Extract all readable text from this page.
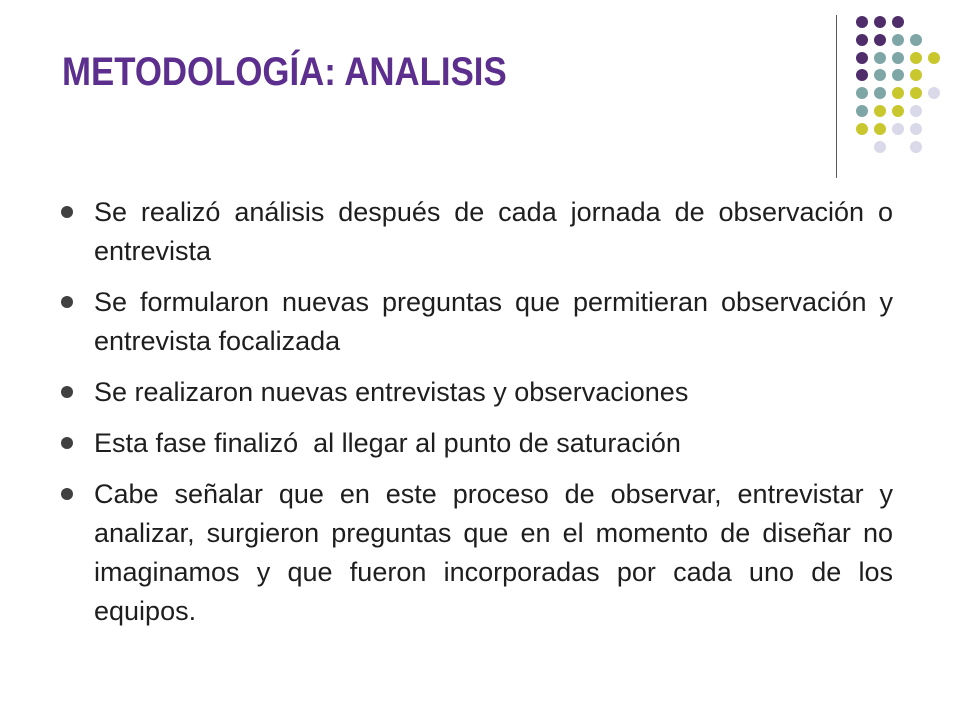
METODOLOGÍA: ANALISIS
Se realizó análisis después de cada jornada de observación o entrevista
Se formularon nuevas preguntas que permitieran observación y entrevista focalizada
Se realizaron nuevas entrevistas y observaciones
Esta fase finalizó  al llegar al punto de saturación
Cabe señalar que en este proceso de observar, entrevistar y analizar, surgieron preguntas que en el momento de diseñar no imaginamos y que fueron incorporadas por cada uno de los equipos.
